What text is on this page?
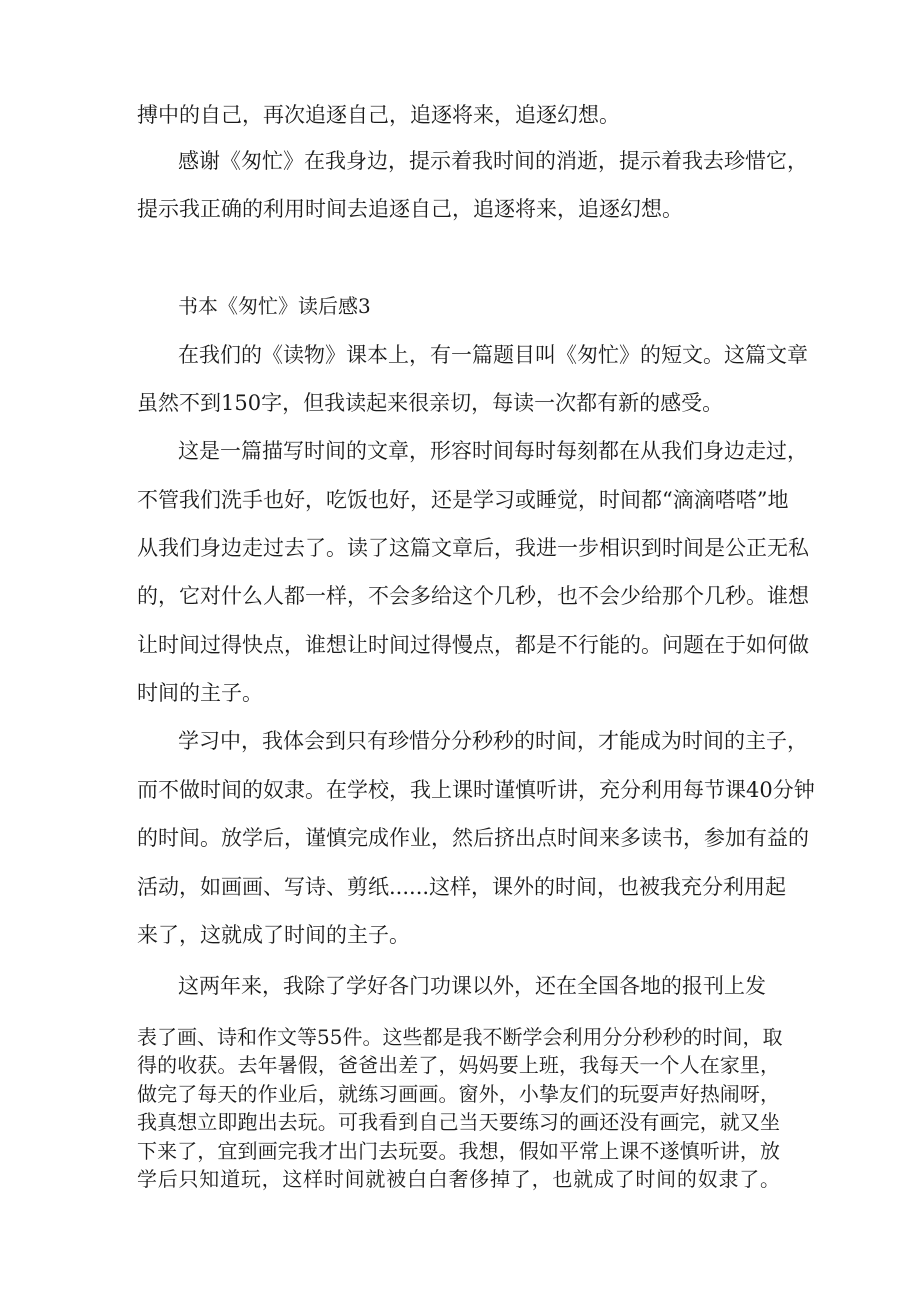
搏中的自己，再次追逐自己，追逐将来，追逐幻想。

感谢《匆忙》在我身边，提示着我时间的消逝，提示着我去珍惜它，

提示我正确的利用时间去追逐自己，追逐将来，追逐幻想。

书本《匆忙》读后感3

在我们的《读物》课本上，有一篇题目叫《匆忙》的短文。这篇文章

虽然不到150字，但我读起来很亲切，每读一次都有新的感受。

这是一篇描写时间的文章，形容时间每时每刻都在从我们身边走过，

不管我们洗手也好，吃饭也好，还是学习或睡觉，时间都“滴滴嗒嗒”地

从我们身边走过去了。读了这篇文章后，我进一步相识到时间是公正无私

的，它对什么人都一样，不会多给这个几秒，也不会少给那个几秒。谁想

让时间过得快点，谁想让时间过得慢点，都是不行能的。问题在于如何做

时间的主子。

学习中，我体会到只有珍惜分分秒秒的时间，才能成为时间的主子，

而不做时间的奴隶。在学校，我上课时谨慎听讲，充分利用每节课40分钟

的时间。放学后，谨慎完成作业，然后挤出点时间来多读书，参加有益的

活动，如画画、写诗、剪纸......这样，课外的时间，也被我充分利用起

来了，这就成了时间的主子。

这两年来，我除了学好各门功课以外，还在全国各地的报刊上发

表了画、诗和作文等55件。这些都是我不断学会利用分分秒秒的时间，取

得的收获。去年暑假，爸爸出差了，妈妈要上班，我每天一个人在家里，

做完了每天的作业后，就练习画画。窗外，小挚友们的玩耍声好热闹呀，

我真想立即跑出去玩。可我看到自己当天要练习的画还没有画完，就又坐

下来了，宜到画完我才出门去玩耍。我想，假如平常上课不遂慎听讲，放

学后只知道玩，这样时间就被白白奢侈掉了，也就成了时间的奴隶了。
